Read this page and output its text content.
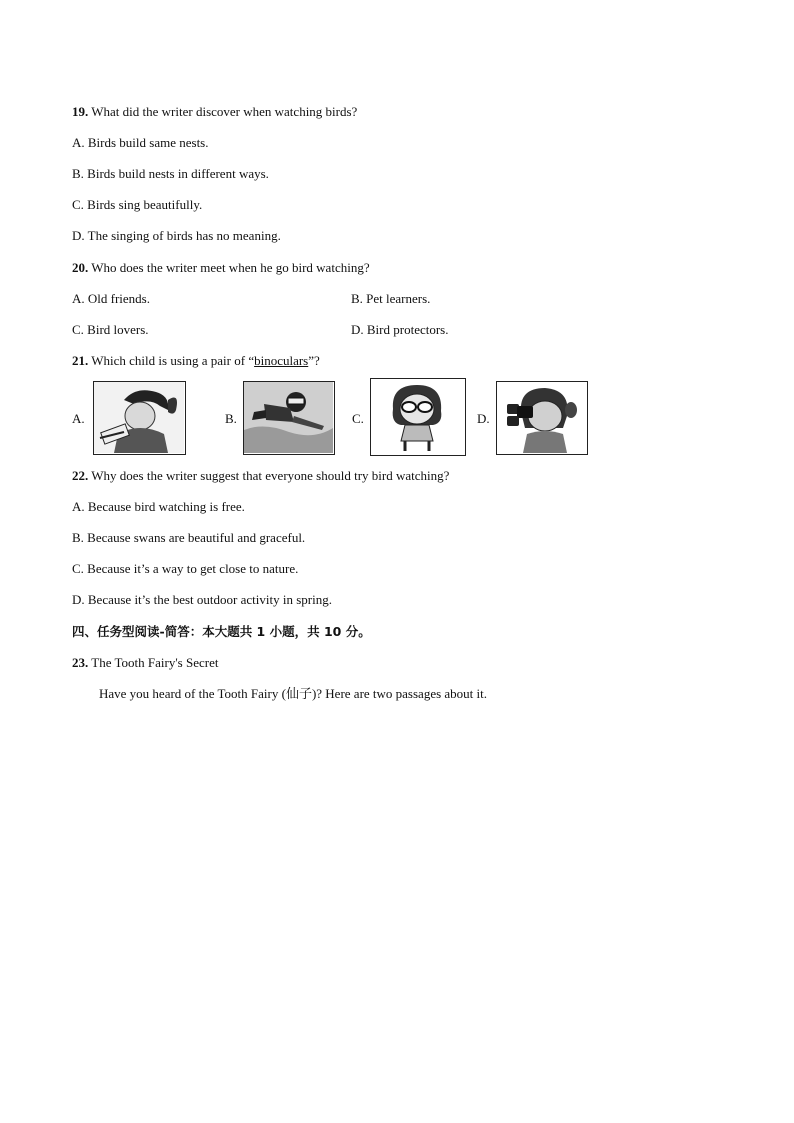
19. What did the writer discover when watching birds?
A. Birds build same nests.
B. Birds build nests in different ways.
C. Birds sing beautifully.
D. The singing of birds has no meaning.
20. Who does the writer meet when he go bird watching?
A. Old friends.	B. Pet learners.
C. Bird lovers.	D. Bird protectors.
21. Which child is using a pair of “binoculars”?
A.	B.	C.	D.
22. Why does the writer suggest that everyone should try bird watching?
A. Because bird watching is free.
B. Because swans are beautiful and graceful.
C. Because it’s a way to get close to nature.
D. Because it’s the best outdoor activity in spring.
四、任务型阅读-简答：本大题共 1 小题，共 10 分。
23. The Tooth Fairy's Secret
Have you heard of the Tooth Fairy (仙子)? Here are two passages about it.
